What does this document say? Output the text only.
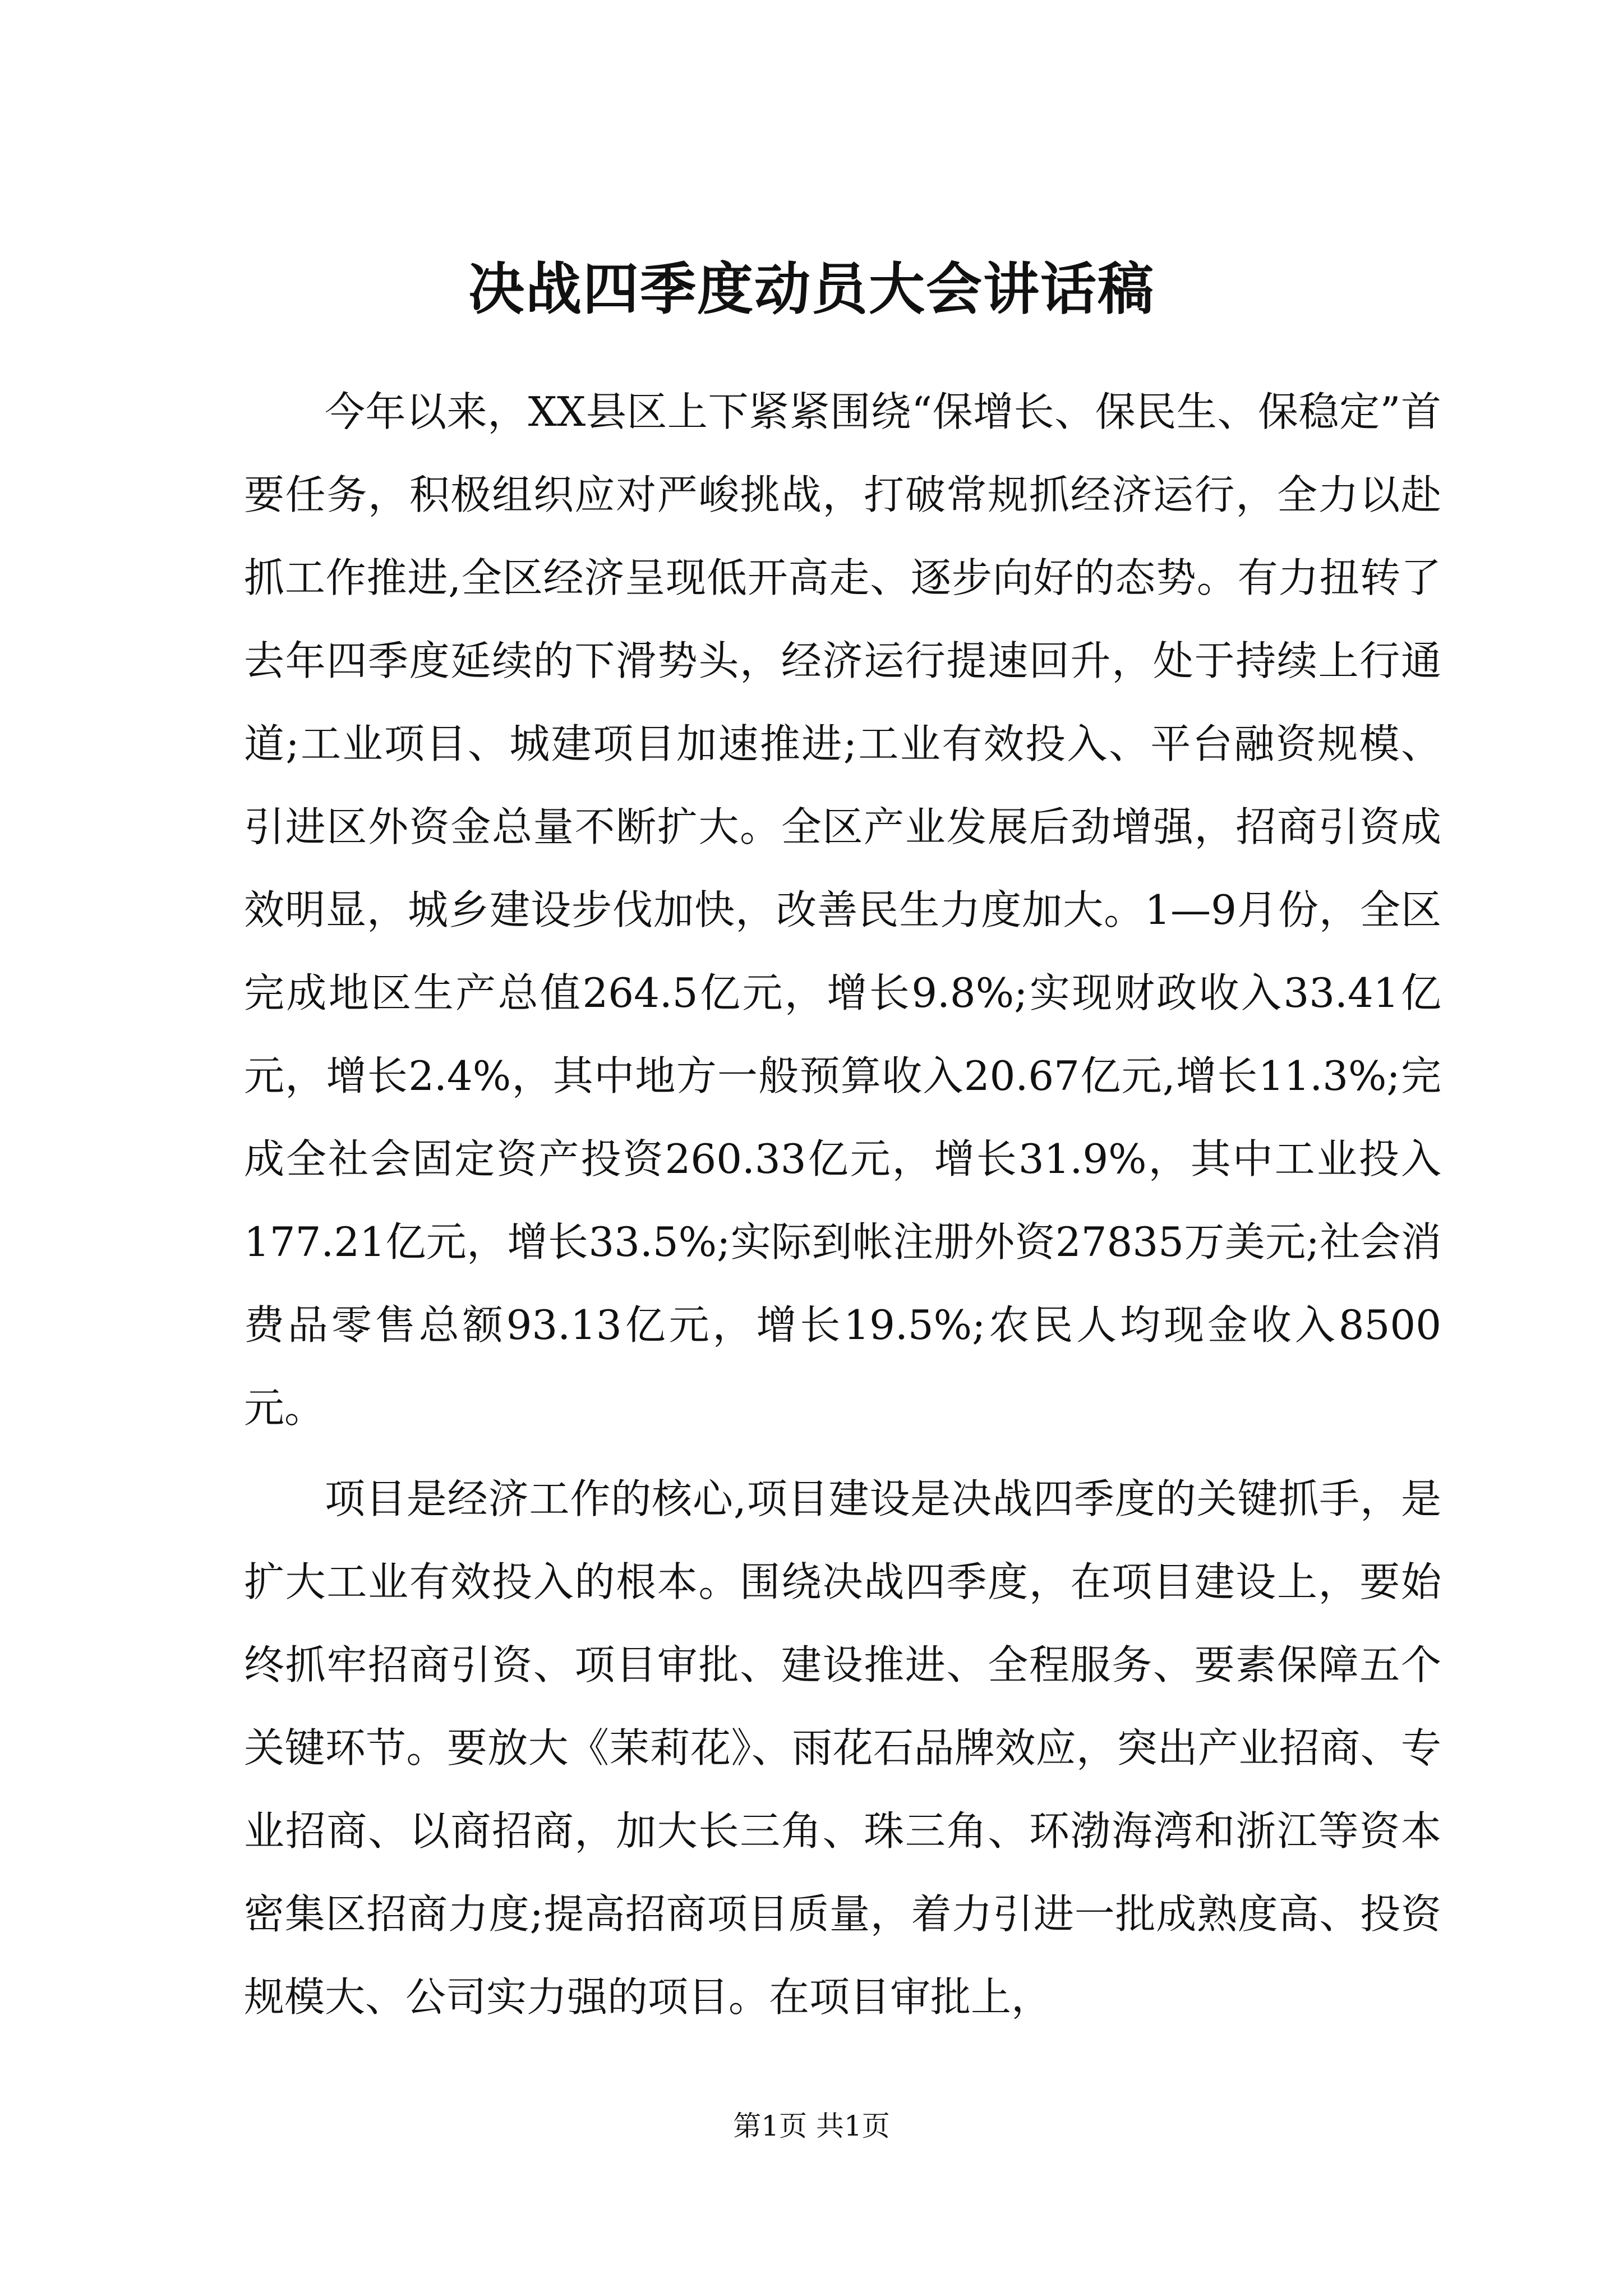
决战四季度动员大会讲话稿

今年以来，XX县区上下紧紧围绕“保增长、保民生、保稳定”首要任务，积极组织应对严峻挑战，打破常规抓经济运行，全力以赴抓工作推进,全区经济呈现低开高走、逐步向好的态势。有力扭转了去年四季度延续的下滑势头，经济运行提速回升，处于持续上行通道;工业项目、城建项目加速推进;工业有效投入、平台融资规模、引进区外资金总量不断扩大。全区产业发展后劲增强，招商引资成效明显，城乡建设步伐加快，改善民生力度加大。1—9月份，全区完成地区生产总值264.5亿元，增长9.8%;实现财政收入33.41亿元，增长2.4%，其中地方一般预算收入20.67亿元,增长11.3%;完成全社会固定资产投资260.33亿元，增长31.9%，其中工业投入177.21亿元，增长33.5%;实际到帐注册外资27835万美元;社会消费品零售总额93.13亿元，增长19.5%;农民人均现金收入8500元。

项目是经济工作的核心,项目建设是决战四季度的关键抓手，是扩大工业有效投入的根本。围绕决战四季度，在项目建设上，要始终抓牢招商引资、项目审批、建设推进、全程服务、要素保障五个关键环节。要放大《茉莉花》、雨花石品牌效应，突出产业招商、专业招商、以商招商，加大长三角、珠三角、环渤海湾和浙江等资本密集区招商力度;提高招商项目质量，着力引进一批成熟度高、投资规模大、公司实力强的项目。在项目审批上，

第1页 共1页
